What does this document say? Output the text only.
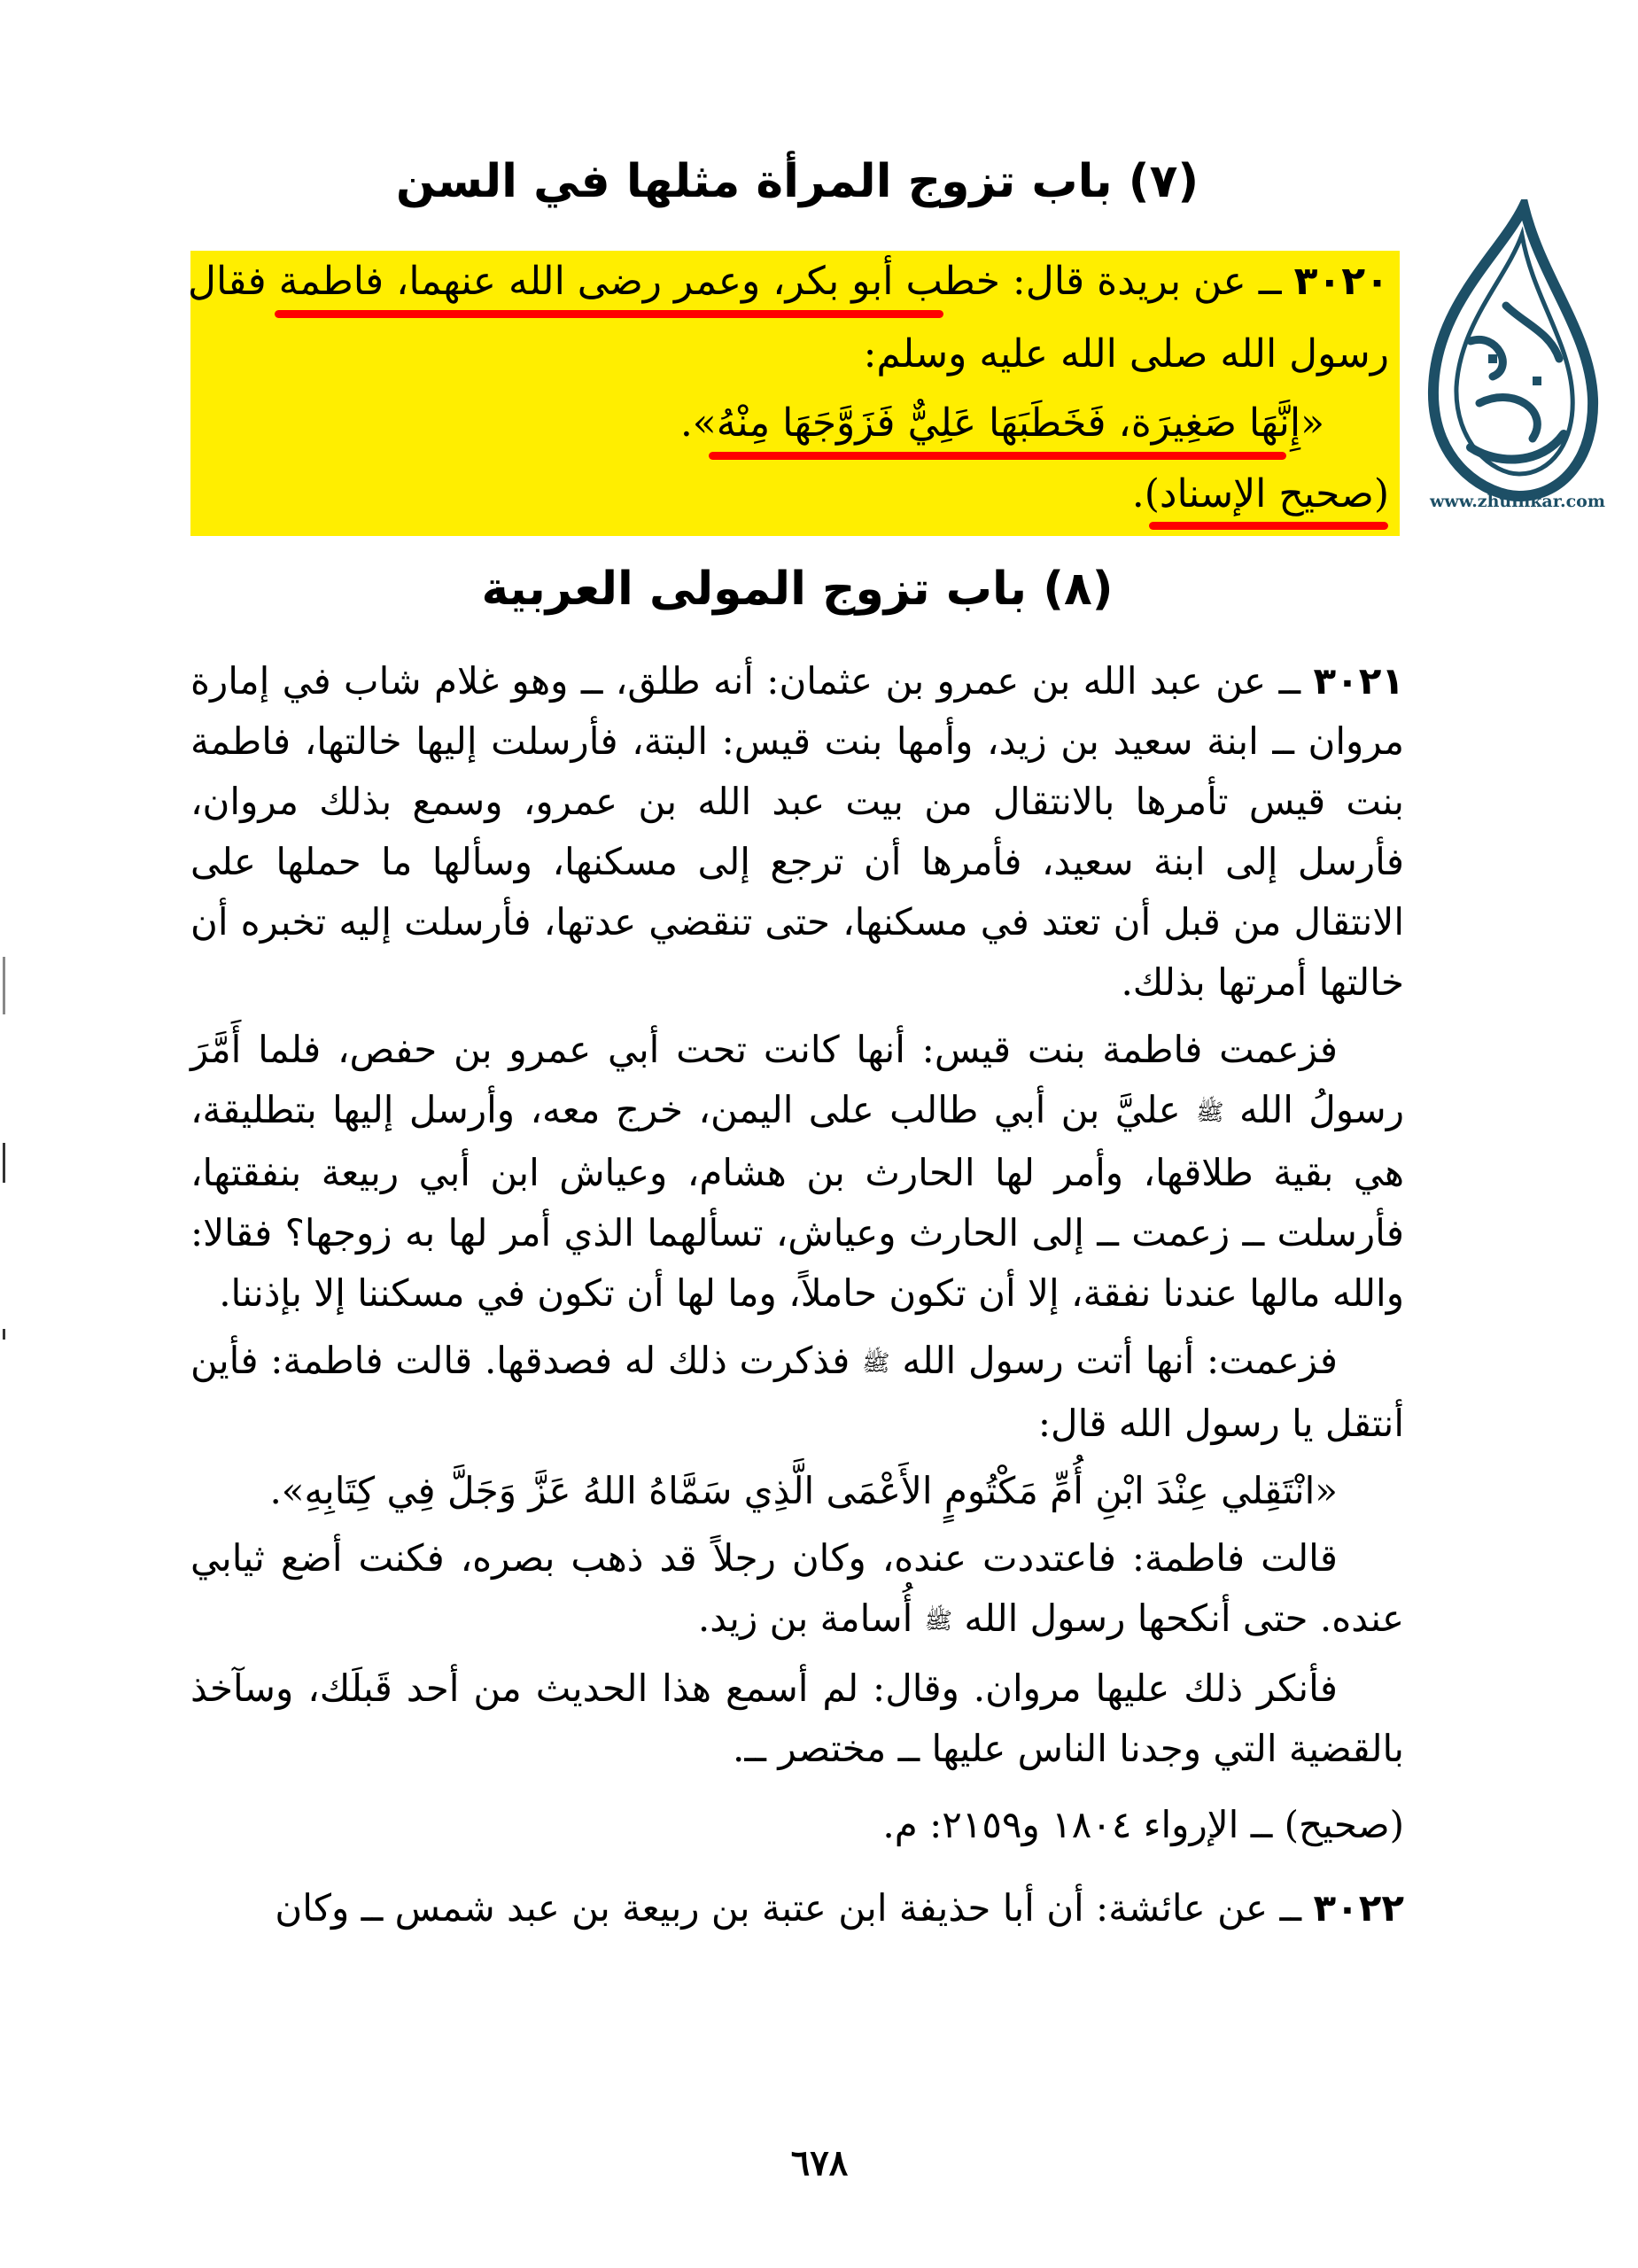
(٧) باب تزوج المرأة مثلها في السن
٣٠٢٠ ــ عن بريدة قال: خطب أبو بكر، وعمر رضى الله عنهما، فاطمة فقال
رسول الله صلى الله عليه وسلم:
«إِنَّهَا صَغِيرَة، فَخَطَبَهَا عَلِيٌّ فَزَوَّجَهَا مِنْهُ».
(صحيح الإسناد).	www.zhulfikar.com
(٨) باب تزوج المولى العربية

٣٠٢١ ــ عن عبد الله بن عمرو بن عثمان: أنه طلق، ــ وهو غلام شاب في إمارة مروان ــ ابنة سعيد بن زيد، وأمها بنت قيس: البتة، فأرسلت إليها خالتها، فاطمة بنت قيس تأمرها بالانتقال من بيت عبد الله بن عمرو، وسمع بذلك مروان، فأرسل إلى ابنة سعيد، فأمرها أن ترجع إلى مسكنها، وسألها ما حملها على الانتقال من قبل أن تعتد في مسكنها، حتى تنقضي عدتها، فأرسلت إليه تخبره أن خالتها أمرتها بذلك.

فزعمت فاطمة بنت قيس: أنها كانت تحت أبي عمرو بن حفص، فلما أَمَّرَ رسولُ الله ﷺ عليَّ بن أبي طالب على اليمن، خرج معه، وأرسل إليها بتطليقة، هي بقية طلاقها، وأمر لها الحارث بن هشام، وعياش ابن أبي ربيعة بنفقتها، فأرسلت ــ زعمت ــ إلى الحارث وعياش، تسألهما الذي أمر لها به زوجها؟ فقالا: والله مالها عندنا نفقة، إلا أن تكون حاملاً، وما لها أن تكون في مسكننا إلا بإذننا.

فزعمت: أنها أتت رسول الله ﷺ فذكرت ذلك له فصدقها. قالت فاطمة: فأين أنتقل يا رسول الله قال:

«انْتَقِلي عِنْدَ ابْنِ أُمِّ مَكْتُومٍ الأَعْمَى الَّذِي سَمَّاهُ اللهُ عَزَّ وَجَلَّ فِي كِتَابِهِ».

قالت فاطمة: فاعتددت عنده، وكان رجلاً قد ذهب بصره، فكنت أضع ثيابي عنده. حتى أنكحها رسول الله ﷺ أُسامة بن زيد.

فأنكر ذلك عليها مروان. وقال: لم أسمع هذا الحديث من أحد قَبلَك، وسآخذ بالقضية التي وجدنا الناس عليها ــ مختصر ــ.

(صحيح) ــ الإرواء ١٨٠٤ و٢١٥٩: م.

٣٠٢٢ ــ عن عائشة: أن أبا حذيفة ابن عتبة بن ربيعة بن عبد شمس ــ وكان

٦٧٨
